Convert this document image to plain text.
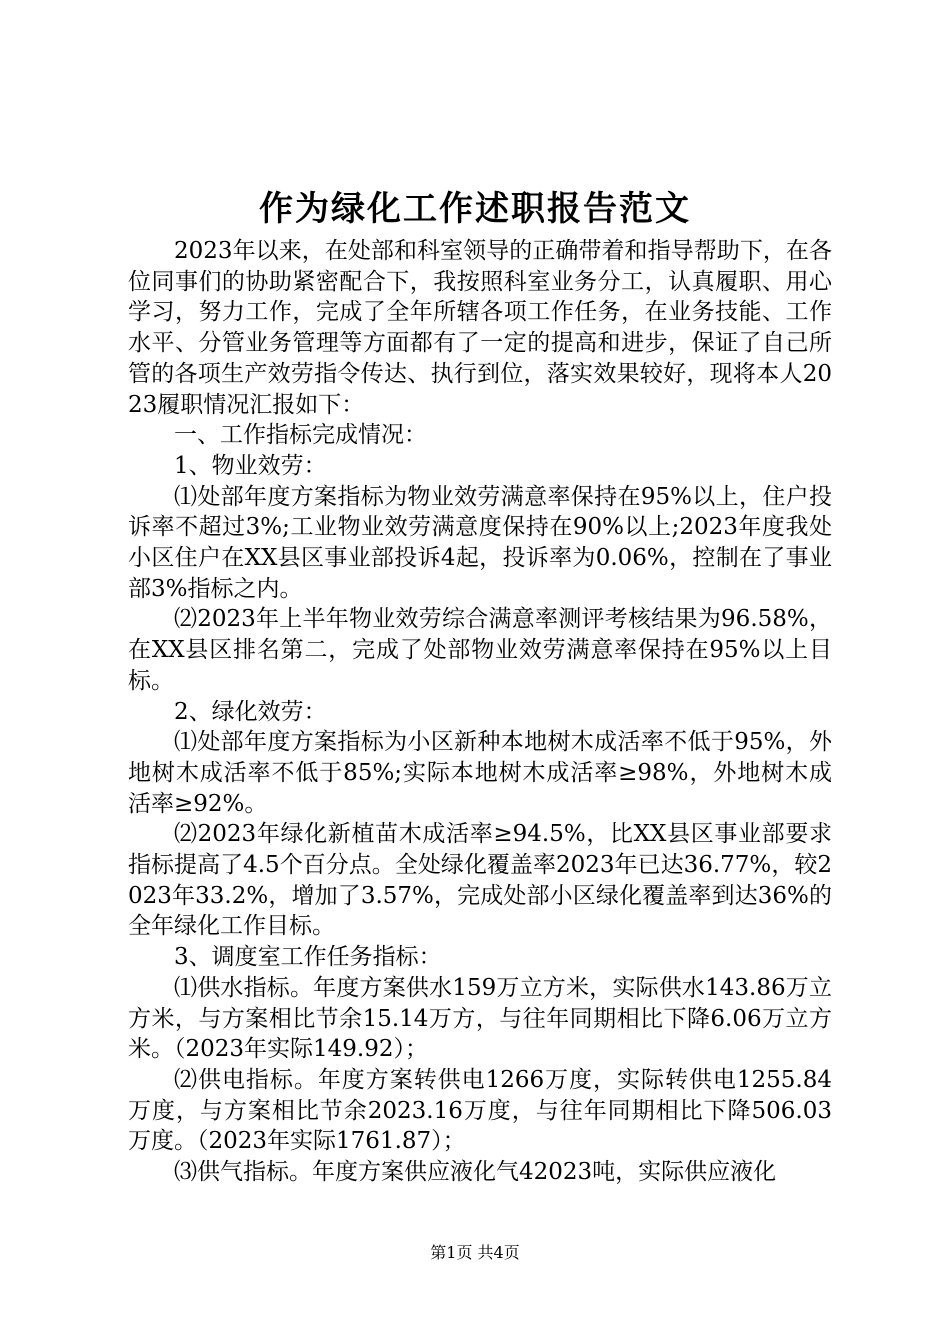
作为绿化工作述职报告范文

2023年以来，在处部和科室领导的正确带着和指导帮助下，在各位同事们的协助紧密配合下，我按照科室业务分工，认真履职、用心学习，努力工作，完成了全年所辖各项工作任务，在业务技能、工作水平、分管业务管理等方面都有了一定的提高和进步，保证了自己所管的各项生产效劳指令传达、执行到位，落实效果较好，现将本人2023履职情况汇报如下：

一、工作指标完成情况：

1、物业效劳：

⑴处部年度方案指标为物业效劳满意率保持在95%以上，住户投诉率不超过3%;工业物业效劳满意度保持在90%以上;2023年度我处小区住户在XX县区事业部投诉4起，投诉率为0.06%，控制在了事业部3%指标之内。

⑵2023年上半年物业效劳综合满意率测评考核结果为96.58%，在XX县区排名第二，完成了处部物业效劳满意率保持在95%以上目标。

2、绿化效劳：

⑴处部年度方案指标为小区新种本地树木成活率不低于95%，外地树木成活率不低于85%;实际本地树木成活率≥98%，外地树木成活率≥92%。

⑵2023年绿化新植苗木成活率≥94.5%，比XX县区事业部要求指标提高了4.5个百分点。全处绿化覆盖率2023年已达36.77%，较2023年33.2%，增加了3.57%，完成处部小区绿化覆盖率到达36%的全年绿化工作目标。

3、调度室工作任务指标：

⑴供水指标。年度方案供水159万立方米，实际供水143.86万立方米，与方案相比节余15.14万方，与往年同期相比下降6.06万立方米。（2023年实际149.92）；

⑵供电指标。年度方案转供电1266万度，实际转供电1255.84万度，与方案相比节余2023.16万度，与往年同期相比下降506.03万度。（2023年实际1761.87）；

⑶供气指标。年度方案供应液化气42023吨，实际供应液化

第1页 共4页
